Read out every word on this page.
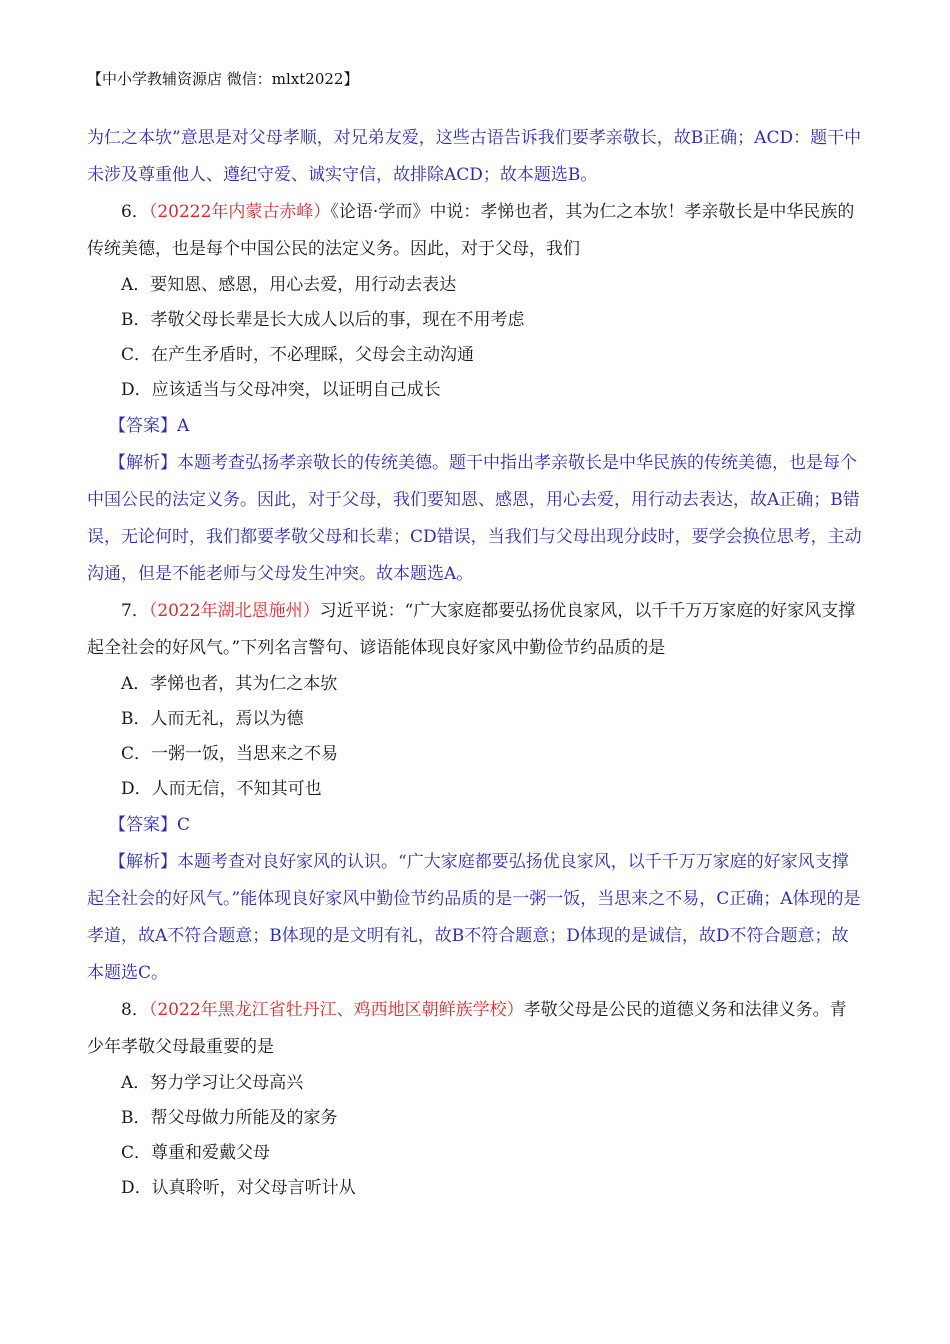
【中小学教辅资源店 微信：mlxt2022】

为仁之本欤”意思是对父母孝顺，对兄弟友爱，这些古语告诉我们要孝亲敬长，故B正确；ACD：题干中未涉及尊重他人、遵纪守爱、诚实守信，故排除ACD；故本题选B。

6．（20222年内蒙古赤峰）《论语·学而》中说：孝悌也者，其为仁之本欤！孝亲敬长是中华民族的传统美德，也是每个中国公民的法定义务。因此，对于父母，我们

A．要知恩、感恩，用心去爱，用行动去表达

B．孝敬父母长辈是长大成人以后的事，现在不用考虑

C．在产生矛盾时，不必理睬，父母会主动沟通

D．应该适当与父母冲突，以证明自己成长

【答案】A

【解析】本题考查弘扬孝亲敬长的传统美德。题干中指出孝亲敬长是中华民族的传统美德，也是每个中国公民的法定义务。因此，对于父母，我们要知恩、感恩，用心去爱，用行动去表达，故A正确；B错误，无论何时，我们都要孝敬父母和长辈；CD错误，当我们与父母出现分歧时，要学会换位思考，主动沟通，但是不能老师与父母发生冲突。故本题选A。

7．（2022年湖北恩施州）习近平说：“广大家庭都要弘扬优良家风，以千千万万家庭的好家风支撑起全社会的好风气。”下列名言警句、谚语能体现良好家风中勤俭节约品质的是

A．孝悌也者，其为仁之本欤

B．人而无礼，焉以为德

C．一粥一饭，当思来之不易

D．人而无信，不知其可也

【答案】C

【解析】本题考查对良好家风的认识。“广大家庭都要弘扬优良家风，以千千万万家庭的好家风支撑起全社会的好风气。”能体现良好家风中勤俭节约品质的是一粥一饭，当思来之不易，C正确；A体现的是孝道，故A不符合题意；B体现的是文明有礼，故B不符合题意；D体现的是诚信，故D不符合题意；故本题选C。

8．（2022年黑龙江省牡丹江、鸡西地区朝鲜族学校）孝敬父母是公民的道德义务和法律义务。青少年孝敬父母最重要的是

A．努力学习让父母高兴

B．帮父母做力所能及的家务

C．尊重和爱戴父母

D．认真聆听，对父母言听计从
